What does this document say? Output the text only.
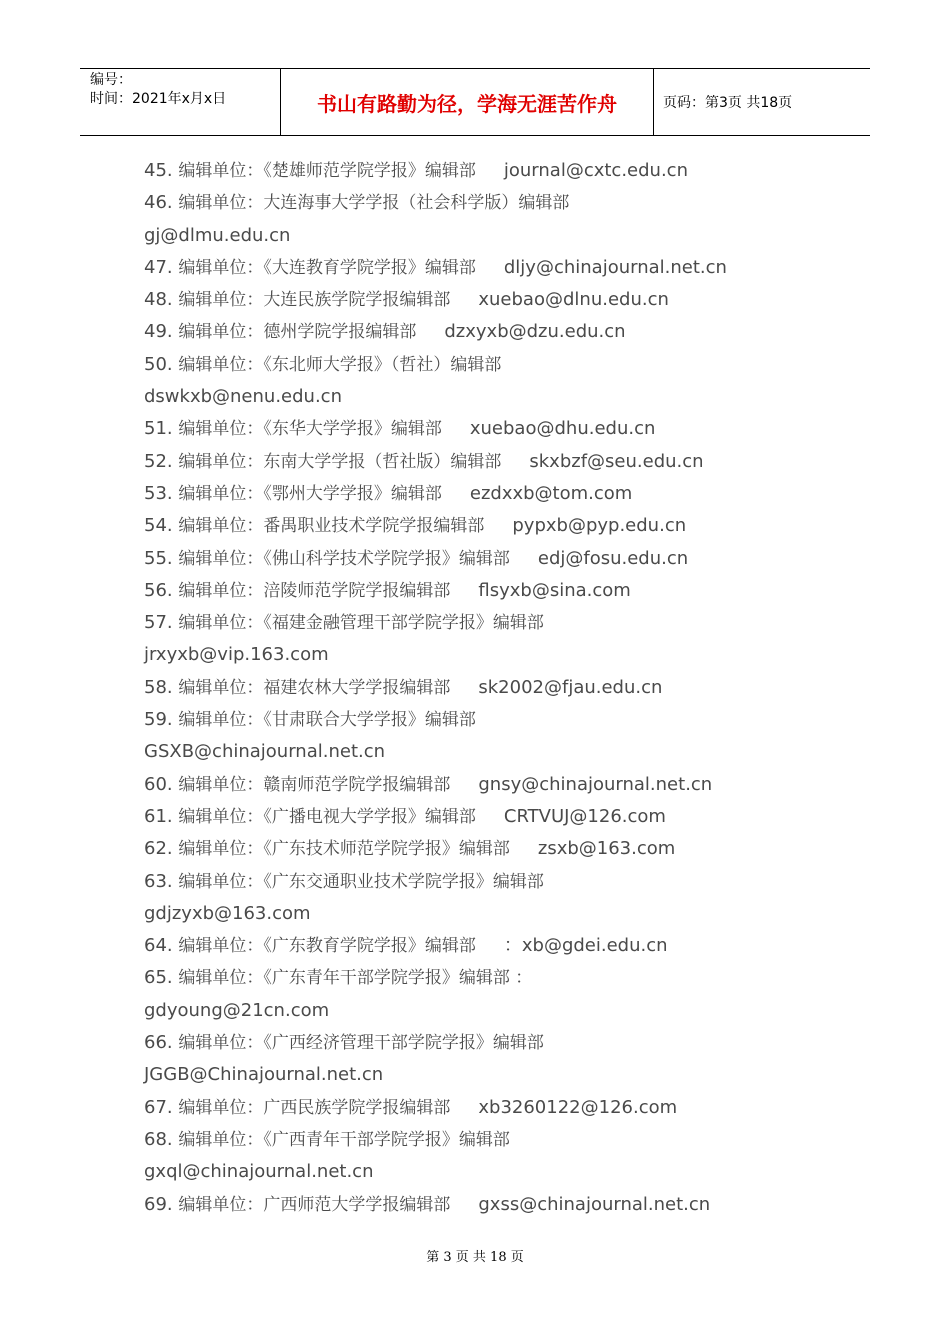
编号：
时间：2021年x月x日	书山有路勤为径，学海无涯苦作舟	页码：第3页 共18页
45. 编辑单位：《楚雄师范学院学报》编辑部 journal@cxtc.edu.cn
46. 编辑单位：大连海事大学学报（社会科学版）编辑部
gj@dlmu.edu.cn
47. 编辑单位：《大连教育学院学报》编辑部 dljy@chinajournal.net.cn
48. 编辑单位：大连民族学院学报编辑部 xuebao@dlnu.edu.cn
49. 编辑单位：德州学院学报编辑部 dzxyxb@dzu.edu.cn
50. 编辑单位：《东北师大学报》（哲社）编辑部
dswkxb@nenu.edu.cn
51. 编辑单位：《东华大学学报》编辑部 xuebao@dhu.edu.cn
52. 编辑单位：东南大学学报（哲社版）编辑部 skxbzf@seu.edu.cn
53. 编辑单位：《鄂州大学学报》编辑部 ezdxxb@tom.com
54. 编辑单位：番禺职业技术学院学报编辑部 pypxb@pyp.edu.cn
55. 编辑单位：《佛山科学技术学院学报》编辑部 edj@fosu.edu.cn
56. 编辑单位：涪陵师范学院学报编辑部 flsyxb@sina.com
57. 编辑单位：《福建金融管理干部学院学报》编辑部
jrxyxb@vip.163.com
58. 编辑单位：福建农林大学学报编辑部 sk2002@fjau.edu.cn
59. 编辑单位：《甘肃联合大学学报》编辑部
GSXB@chinajournal.net.cn
60. 编辑单位：赣南师范学院学报编辑部 gnsy@chinajournal.net.cn
61. 编辑单位：《广播电视大学学报》编辑部 CRTVUJ@126.com
62. 编辑单位：《广东技术师范学院学报》编辑部 zsxb@163.com
63. 编辑单位：《广东交通职业技术学院学报》编辑部
gdjzyxb@163.com
64. 编辑单位：《广东教育学院学报》编辑部 ：xb@gdei.edu.cn
65. 编辑单位：《广东青年干部学院学报》编辑部 ：
gdyoung@21cn.com
66. 编辑单位：《广西经济管理干部学院学报》编辑部
JGGB@Chinajournal.net.cn
67. 编辑单位：广西民族学院学报编辑部 xb3260122@126.com
68. 编辑单位：《广西青年干部学院学报》编辑部
gxql@chinajournal.net.cn
69. 编辑单位：广西师范大学学报编辑部 gxss@chinajournal.net.cn
第 3 页 共 18 页
